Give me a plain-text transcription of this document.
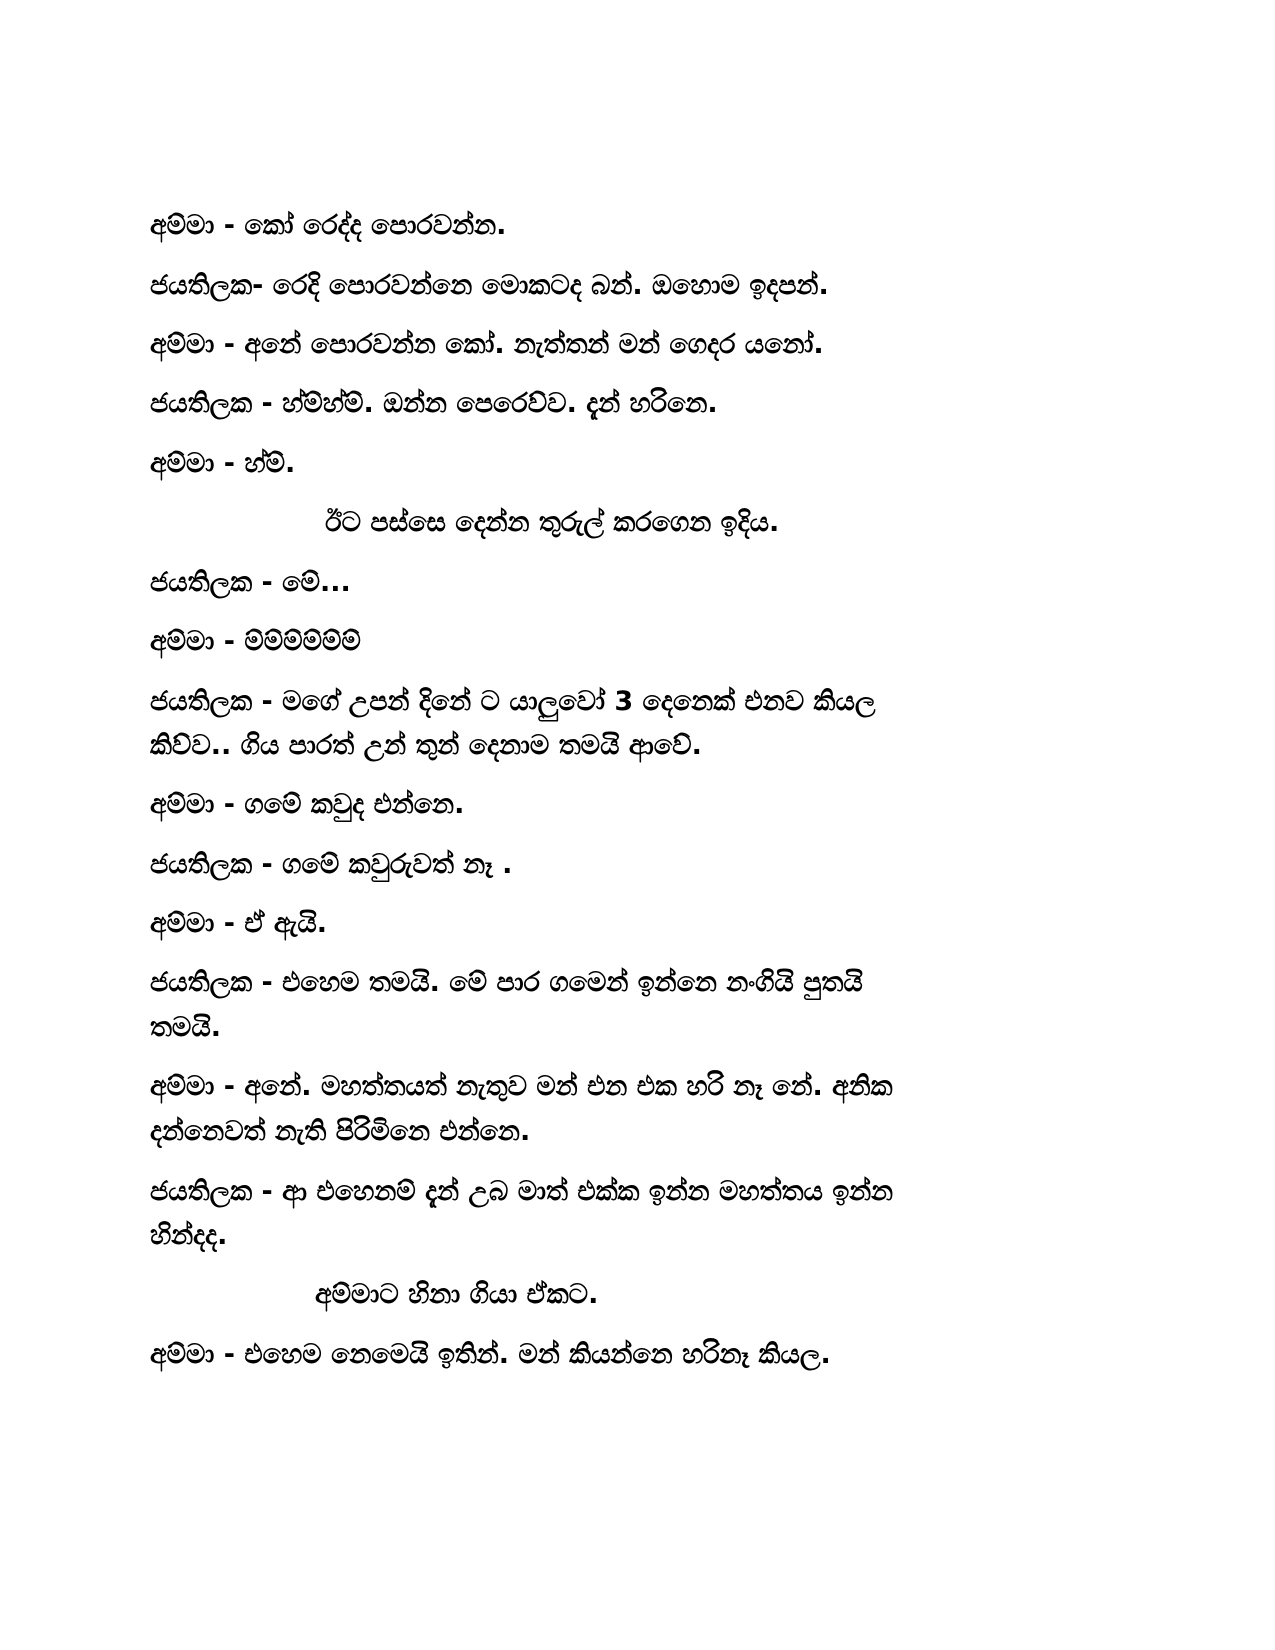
අම්මා - කෝ රෙද්ද පොරවන්න.
ජයතිලක- රෙදි පොරවන්නෙ මොකටද බන්. ඔහොම ඉදපන්.
අම්මා - අනේ පොරවන්න කෝ. නැත්තන් මන් ගෙදර යනෝ.
ජයතිලක - හ්ම්හ්ම්. ඔන්න පෙරෙව්ව. දැන් හරිනෙ.
අම්මා - හ්ම්.
ඊට පස්සෙ දෙන්න තුරුල් කරගෙන ඉදිය.
ජයතිලක - මේ...
අම්මා - ම්ම්ම්ම්ම්ම්
ජයතිලක - මගේ උපන් දිනේ ට යාලුවෝ 3 දෙනෙක් එනව කියල
කිව්ව.. ගිය පාරත් උන් තුන් දෙනාම තමයි ආවේ.
අම්මා - ගමේ කවුද එන්නෙ.
ජයතිලක - ගමේ කවුරුවත් නෑ .
අම්මා - ඒ ඇයි.
ජයතිලක - එහෙම තමයි. මේ පාර ගමෙන් ඉන්නෙ නංගියි පුතයි
තමයි.
අම්මා - අනේ. මහත්තයත් නැතුව මන් එන එක හරි නෑ නේ. අනික
දන්නෙවත් නැති පිරිමිනෙ එන්නෙ.
ජයතිලක - ආ එහෙනම් දැන් උබ මාත් එක්ක ඉන්න මහත්තය ඉන්න
හින්දද.
අම්මාට හිනා ගියා ඒකට.
අම්මා - එහෙම නෙමෙයි ඉතින්. මන් කියන්නෙ හරිනෑ කියල.
